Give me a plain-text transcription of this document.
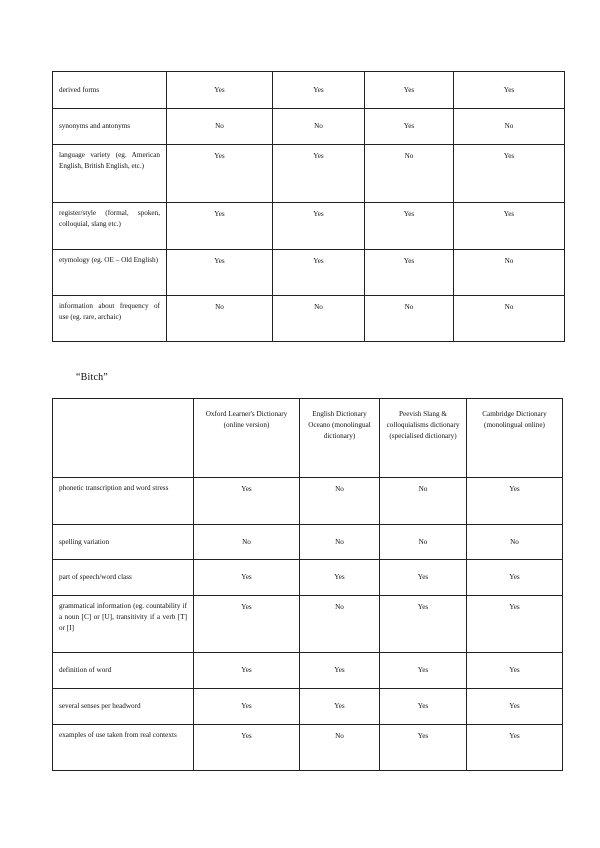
derived forms	Yes	Yes	Yes	Yes
synonyms and antonyms	No	No	Yes	No
language variety (eg. American English, British English, etc.)	Yes	Yes	No	Yes
register/style (formal, spoken, colloquial, slang etc.)	Yes	Yes	Yes	Yes
etymology (eg. OE – Old English)	Yes	Yes	Yes	No
information about frequency of use (eg. rare, archaic)	No	No	No	No
“Bitch”
	Oxford Learner's Dictionary (online version)	English Dictionary Oceano (monolingual dictionary)	Peevish Slang & colloquialisms dictionary (specialised dictionary)	Cambridge Dictionary (monolingual online)
phonetic transcription and word stress	Yes	No	No	Yes
spelling variation	No	No	No	No
part of speech/word class	Yes	Yes	Yes	Yes
grammatical information (eg. countability if a noun [C] or [U], transitivity if a verb [T] or [I]	Yes	No	Yes	Yes
definition of word	Yes	Yes	Yes	Yes
several senses per headword	Yes	Yes	Yes	Yes
examples of use taken from real contexts	Yes	No	Yes	Yes
